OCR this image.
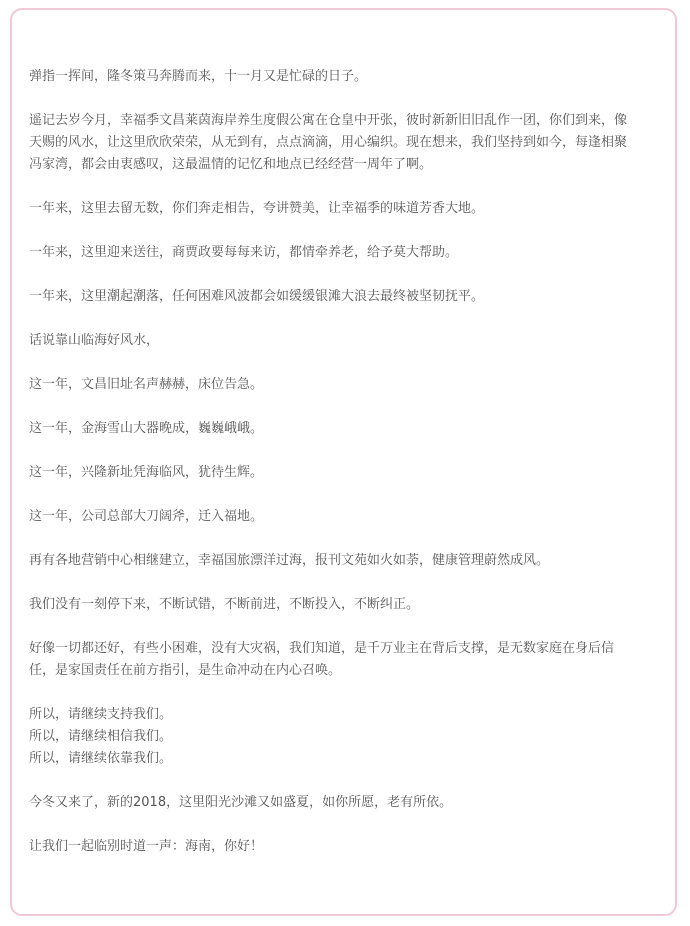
弹指一挥间，隆冬策马奔腾而来，十一月又是忙碌的日子。

遥记去岁今月，幸福季文昌莱茵海岸养生度假公寓在仓皇中开张，彼时新新旧旧乱作一团，你们到来，像天赐的风水，让这里欣欣荣荣，从无到有，点点滴滴，用心编织。现在想来，我们坚持到如今，每逢相聚冯家湾，都会由衷感叹，这最温情的记忆和地点已经经营一周年了啊。

一年来，这里去留无数，你们奔走相告，夸讲赞美，让幸福季的味道芳香大地。

一年来，这里迎来送往，商贾政要每每来访，都情牵养老，给予莫大帮助。

一年来，这里潮起潮落，任何困难风波都会如缓缓银滩大浪去最终被坚韧抚平。

话说靠山临海好风水，

这一年，文昌旧址名声赫赫，床位告急。

这一年，金海雪山大器晚成，巍巍峨峨。

这一年，兴隆新址凭海临风，犹待生辉。

这一年，公司总部大刀阔斧，迁入福地。

再有各地营销中心相继建立，幸福国旅漂洋过海，报刊文苑如火如荼，健康管理蔚然成风。

我们没有一刻停下来，不断试错，不断前进，不断投入，不断纠正。

好像一切都还好，有些小困难，没有大灾祸，我们知道，是千万业主在背后支撑，是无数家庭在身后信任，是家国责任在前方指引，是生命冲动在内心召唤。

所以，请继续支持我们。

所以，请继续相信我们。

所以，请继续依靠我们。

今冬又来了，新的2018，这里阳光沙滩又如盛夏，如你所愿，老有所依。

让我们一起临别时道一声：海南，你好！
